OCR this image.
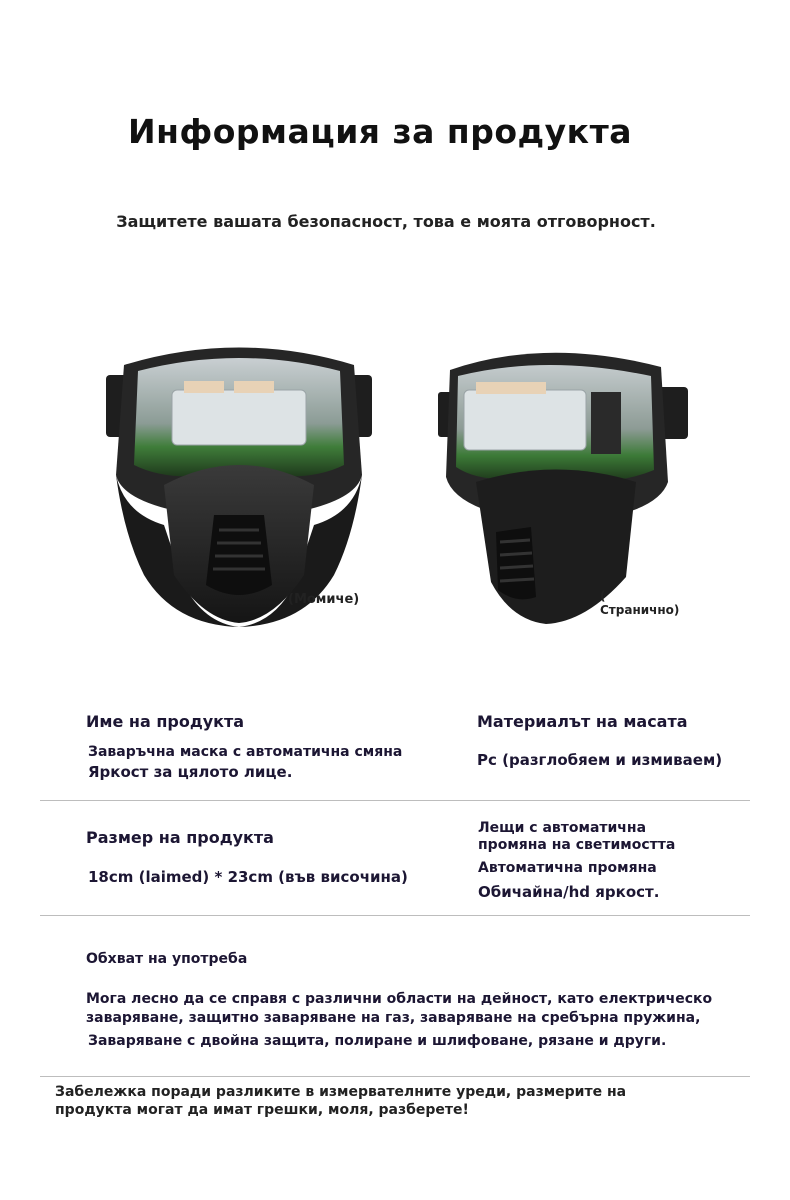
Информация за продукта
Защитете вашата безопасност, това е моята отговорност.
(Момиче)	(
Странично)
Име на продукта
Заваръчна маска с автоматична смяна
Яркост за цялото лице.
Материалът на масата
Pc (разглобяем и измиваем)
Размер на продукта
18cm (laimed) * 23cm (във височина)
Лещи с автоматична
промяна на светимостта
Автоматична промяна
Обичайна/hd яркост.
Обхват на употреба
Мога лесно да се справя с различни области на дейност, като електрическо
заваряване, защитно заваряване на газ, заваряване на сребърна пружина,
Заваряване с двойна защита, полиране и шлифоване, рязане и други.
Забележка поради разликите в измервателните уреди, размерите на
продукта могат да имат грешки, моля, разберете!
